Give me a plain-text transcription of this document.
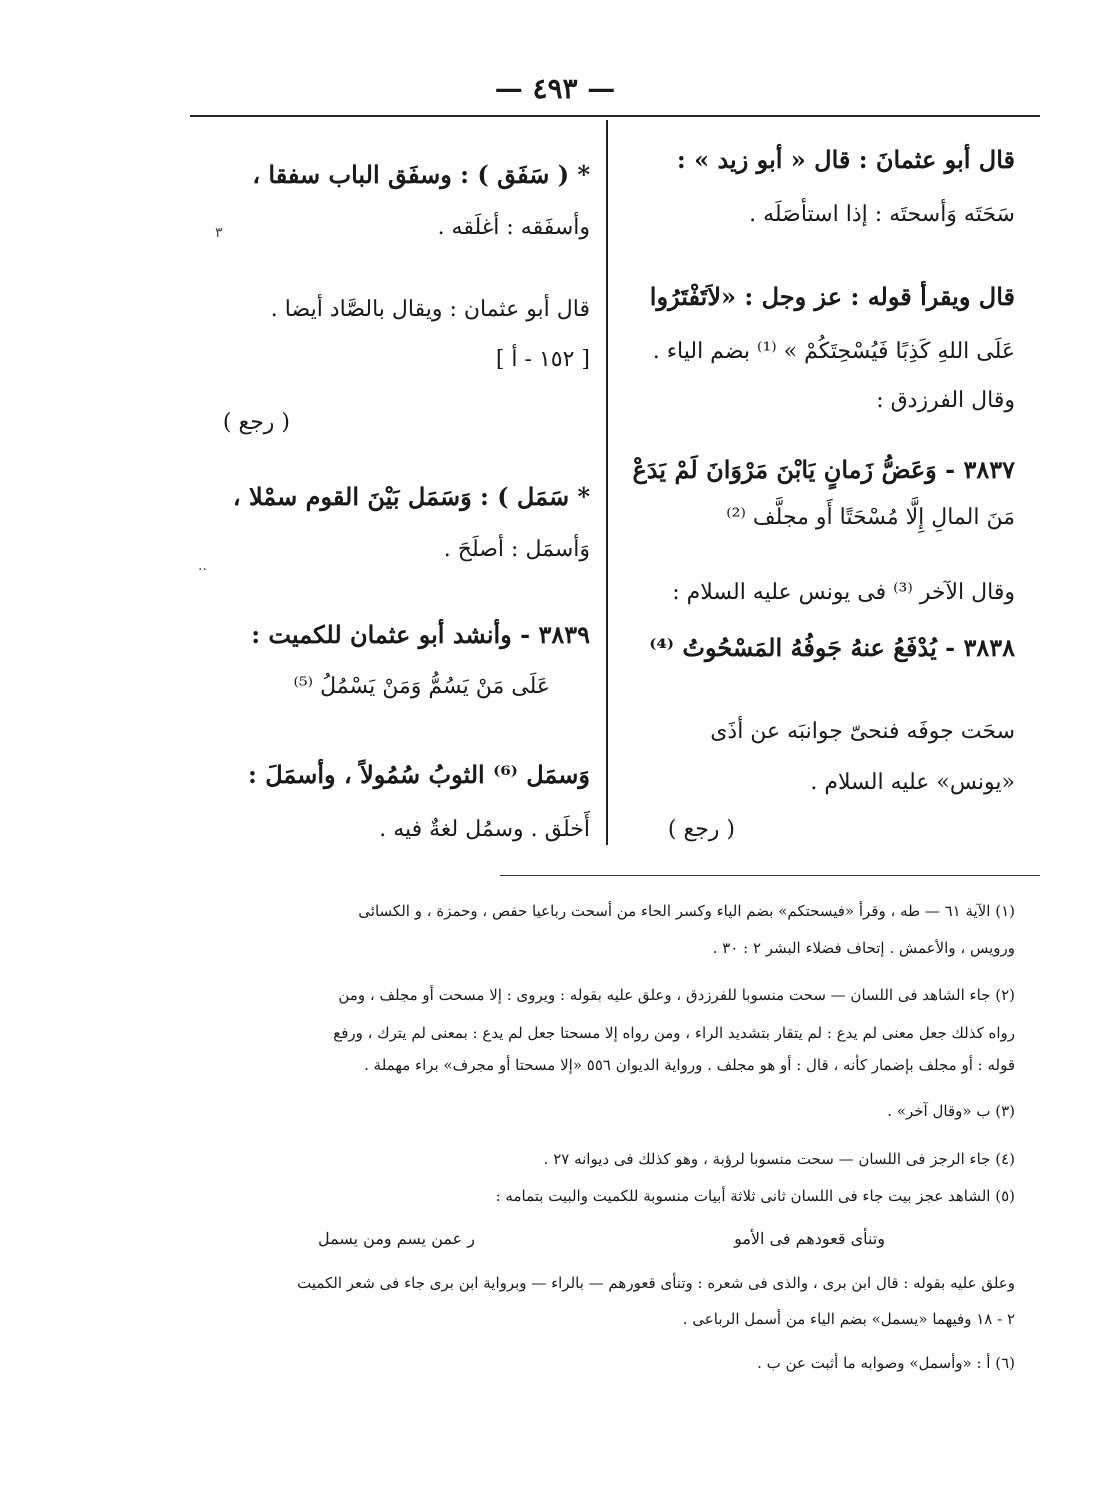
— ٤٩٣ —
قال أبو عثمانَ : قال « أبو زيد » :
سَحَتَه وَأسحتَه : إذا استأصَلَه .
قال ويقرأ قوله : عز وجل : «لاَتَفْتَرُوا
عَلَى اللهِ كَذِبًا فَيُسْحِتَكُمْ » ⁽¹⁾ بضم الياء .
وقال الفرزدق :
٣٨٣٧ - وَعَضُّ زَمانٍ يَابْنَ مَرْوَانَ لَمْ يَدَعْ
مَنَ المالِ إِلَّا مُسْحَتًا أَو مجلَّف ⁽²⁾
وقال الآخر ⁽³⁾ فى يونس عليه السلام :
٣٨٣٨ - يُدْفَعُ عنهُ جَوفُهُ المَسْحُوتُ ⁽⁴⁾
سحَت جوفَه فنحىّ جوانبَه عن أذَى
«يونس» عليه السلام .
( رجع )
* ( سَفَق ) : وسفَق الباب سفقا ،
وأسفَقه : أغلَقه .
قال أبو عثمان : ويقال بالصَّاد أيضا .
[ ١٥٢ - أ ]
( رجع )
* سَمَل ) : وَسَمَل بَيْنَ القوم سمْلا ،
وَأسمَل : أصلَحَ .
٣٨٣٩ - وأنشد أبو عثمان للكميت :
عَلَى مَنْ يَسُمُّ وَمَنْ يَسْمُلُ ⁽⁵⁾
وَسمَل ⁽⁶⁾ الثوبُ سُمُولاً ، وأسمَلَ :
أَخلَق . وسمُل لغةٌ فيه .
٣
..
(١) الآية ٦١ — طه ، وقرأ «فيسحتكم» بضم الياء وكسر الحاء من أسحت رباعيا حفص ، وحمزة ، و الكسائى
ورويس ، والأعمش . إتحاف فضلاء البشر ٢ : ٣٠ .
(٢) جاء الشاهد فى اللسان — سحت منسوبا للفرزدق ، وعلق عليه بقوله : ويروى : إلا مسحت أو مجلف ، ومن
رواه كذلك جعل معنى لم يدع : لم يتقار بتشديد الراء ، ومن رواه إلا مسحتا جعل لم يدع : بمعنى لم يترك ، ورفع
قوله : أو مجلف بإضمار كأنه ، قال : أو هو مجلف . ورواية الديوان ٥٥٦ «إلا مسحتا أو مجرف» براء مهملة .
(٣) ب «وقال آخر» .
(٤) جاء الرجز فى اللسان — سحت منسوبا لرؤبة ، وهو كذلك فى ديوانه ٢٧ .
(٥) الشاهد عجز بيت جاء فى اللسان ثانى ثلاثة أبيات منسوبة للكميت والبيت بتمامه :
وعلق عليه بقوله : قال ابن برى ، والذى فى شعره : وتنأى قعورهم — بالراء — وبرواية ابن برى جاء فى شعر الكميت
٢ - ١٨ وفيهما «يسمل» بضم الياء من أسمل الرباعى .
(٦) أ : «وأسمل» وصوابه ما أثبت عن ب .
وتنأى قعودهم فى الأمو
ر عمن يسم ومن يسمل
